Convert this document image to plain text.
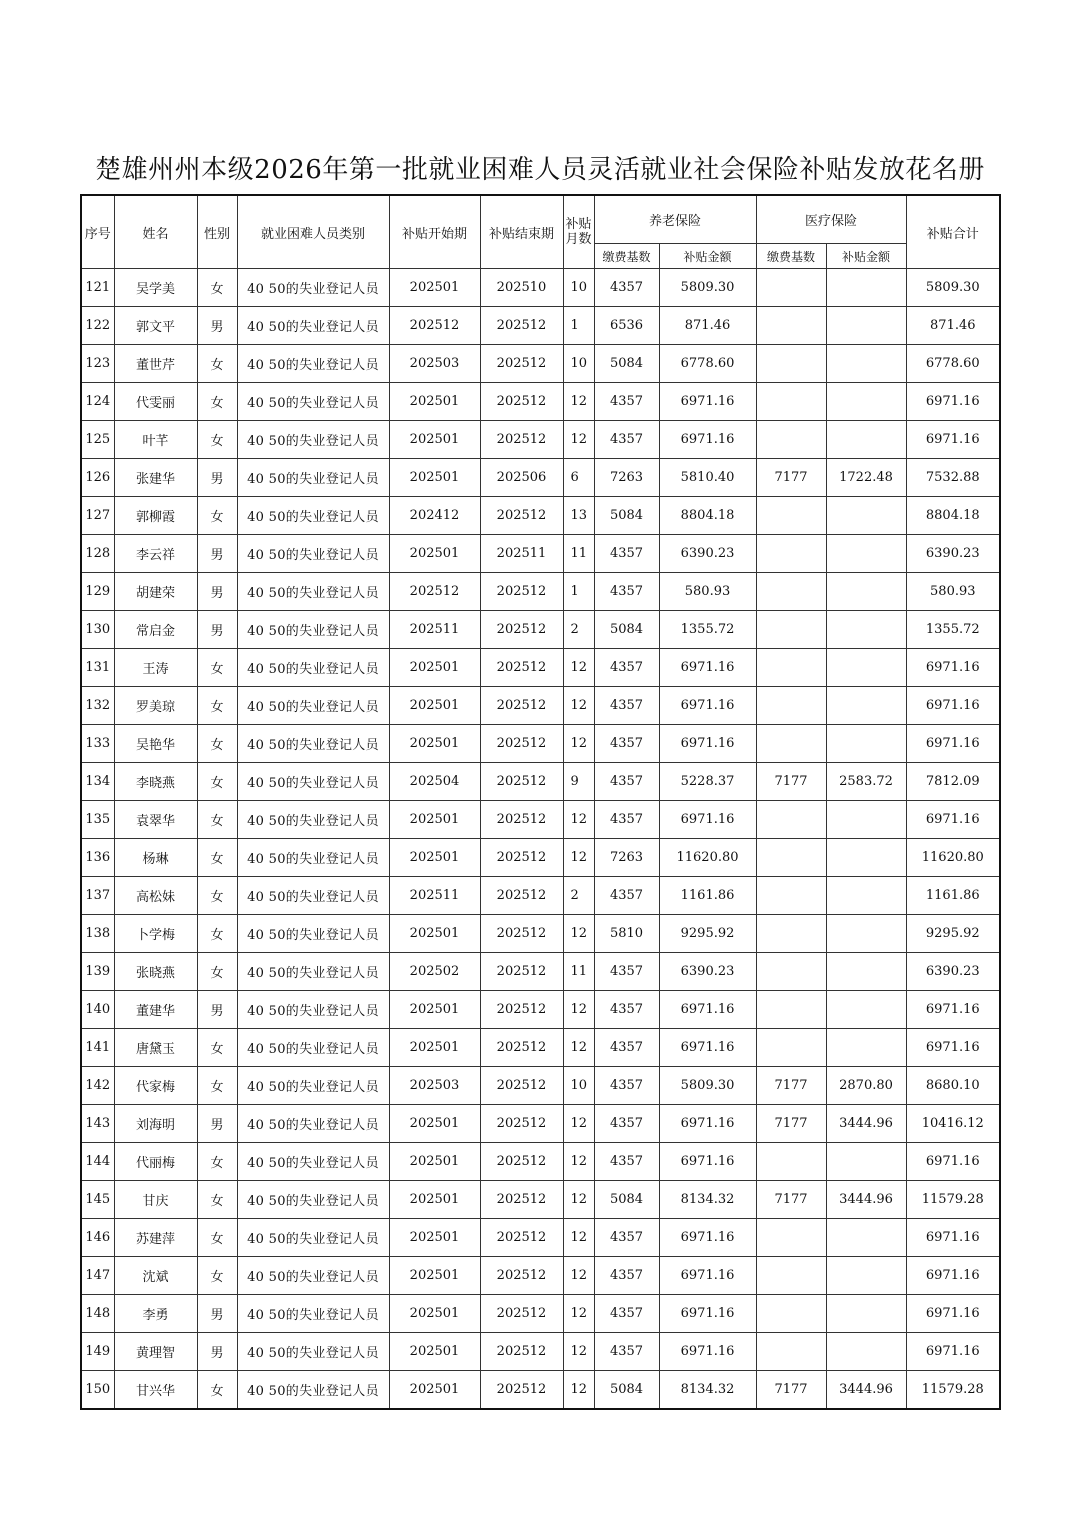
楚雄州州本级2026年第一批就业困难人员灵活就业社会保险补贴发放花名册
序号	姓名	性别	就业困难人员类别	补贴开始期	补贴结束期	补贴
月数	养老保险		医疗保险		补贴合计
							缴费基数	补贴金额	缴费基数	补贴金额	
121	吴学美	女	40 50的失业登记人员	202501	202510	10	4357	5809.30			5809.30
122	郭文平	男	40 50的失业登记人员	202512	202512	1	6536	871.46			871.46
123	董世芹	女	40 50的失业登记人员	202503	202512	10	5084	6778.60			6778.60
124	代雯丽	女	40 50的失业登记人员	202501	202512	12	4357	6971.16			6971.16
125	叶芊	女	40 50的失业登记人员	202501	202512	12	4357	6971.16			6971.16
126	张建华	男	40 50的失业登记人员	202501	202506	6	7263	5810.40	7177	1722.48	7532.88
127	郭柳霞	女	40 50的失业登记人员	202412	202512	13	5084	8804.18			8804.18
128	李云祥	男	40 50的失业登记人员	202501	202511	11	4357	6390.23			6390.23
129	胡建荣	男	40 50的失业登记人员	202512	202512	1	4357	580.93			580.93
130	常启金	男	40 50的失业登记人员	202511	202512	2	5084	1355.72			1355.72
131	王涛	女	40 50的失业登记人员	202501	202512	12	4357	6971.16			6971.16
132	罗美琼	女	40 50的失业登记人员	202501	202512	12	4357	6971.16			6971.16
133	吴艳华	女	40 50的失业登记人员	202501	202512	12	4357	6971.16			6971.16
134	李晓燕	女	40 50的失业登记人员	202504	202512	9	4357	5228.37	7177	2583.72	7812.09
135	袁翠华	女	40 50的失业登记人员	202501	202512	12	4357	6971.16			6971.16
136	杨琳	女	40 50的失业登记人员	202501	202512	12	7263	11620.80			11620.80
137	高松妹	女	40 50的失业登记人员	202511	202512	2	4357	1161.86			1161.86
138	卜学梅	女	40 50的失业登记人员	202501	202512	12	5810	9295.92			9295.92
139	张晓燕	女	40 50的失业登记人员	202502	202512	11	4357	6390.23			6390.23
140	董建华	男	40 50的失业登记人员	202501	202512	12	4357	6971.16			6971.16
141	唐黛玉	女	40 50的失业登记人员	202501	202512	12	4357	6971.16			6971.16
142	代家梅	女	40 50的失业登记人员	202503	202512	10	4357	5809.30	7177	2870.80	8680.10
143	刘海明	男	40 50的失业登记人员	202501	202512	12	4357	6971.16	7177	3444.96	10416.12
144	代丽梅	女	40 50的失业登记人员	202501	202512	12	4357	6971.16			6971.16
145	甘庆	女	40 50的失业登记人员	202501	202512	12	5084	8134.32	7177	3444.96	11579.28
146	苏建萍	女	40 50的失业登记人员	202501	202512	12	4357	6971.16			6971.16
147	沈斌	女	40 50的失业登记人员	202501	202512	12	4357	6971.16			6971.16
148	李勇	男	40 50的失业登记人员	202501	202512	12	4357	6971.16			6971.16
149	黄理智	男	40 50的失业登记人员	202501	202512	12	4357	6971.16			6971.16
150	甘兴华	女	40 50的失业登记人员	202501	202512	12	5084	8134.32	7177	3444.96	11579.28
